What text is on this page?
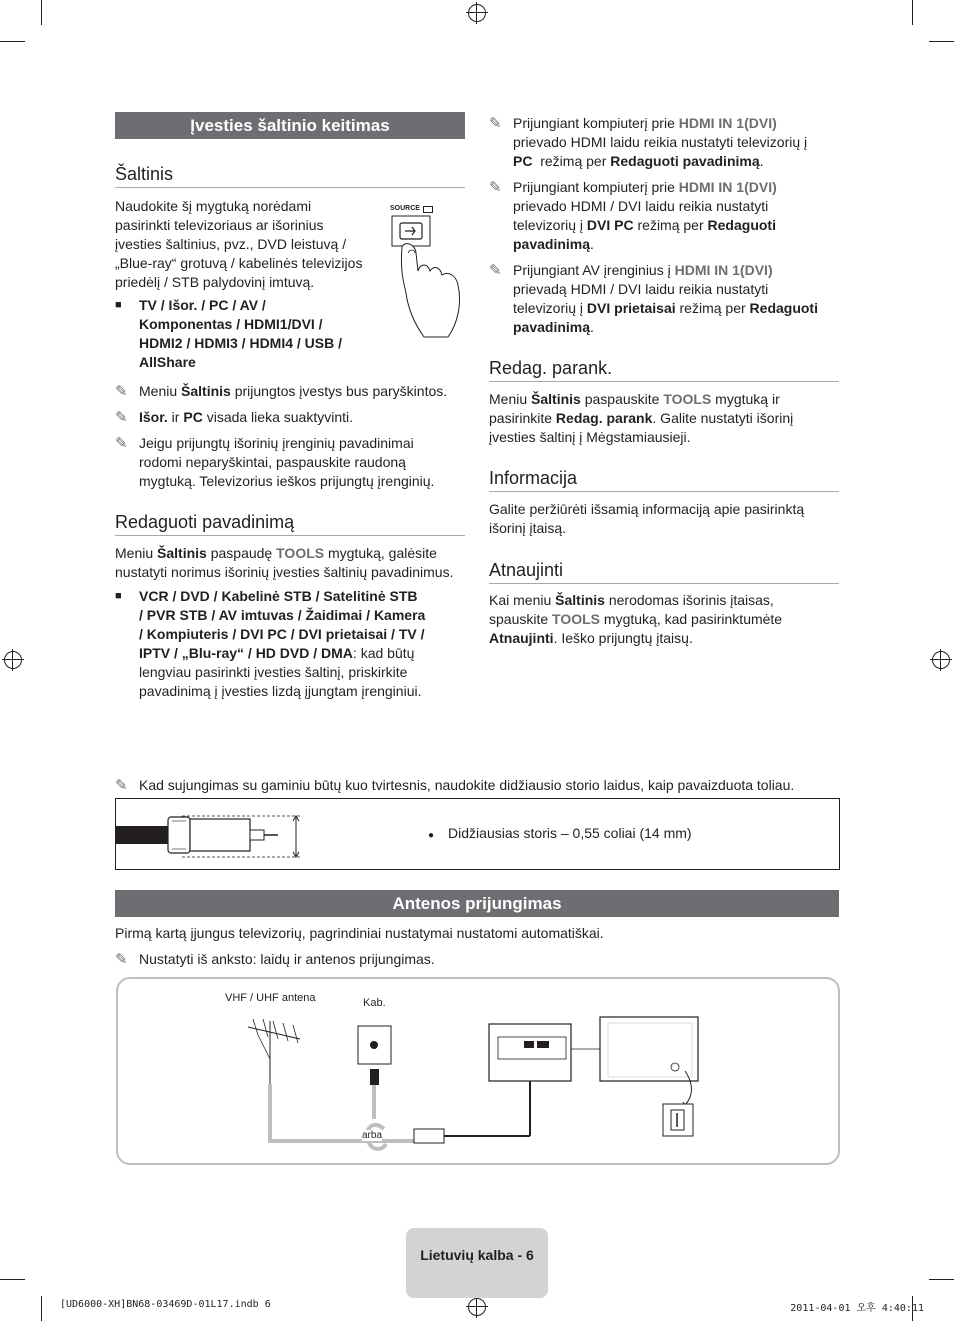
Įvesties šaltinio keitimas
Šaltinis
Naudokite šį mygtuką norėdami
pasirinkti televizoriaus ar išorinius
įvesties šaltinius, pvz., DVD leistuvą /
„Blue-ray“ grotuvą / kabelinės televizijos
priedėlį / STB palydovinį imtuvą.
SOURCE
■ TV / Išor. / PC / AV /
Komponentas / HDMI1/DVI /
HDMI2 / HDMI3 / HDMI4 / USB /
AllShare
✎ Meniu Šaltinis prijungtos įvestys bus paryškintos.
✎ Išor. ir PC visada lieka suaktyvinti.
✎ Jeigu prijungtų išorinių įrenginių pavadinimai
rodomi neparyškintai, paspauskite raudoną
mygtuką. Televizorius ieškos prijungtų įrenginių.
Redaguoti pavadinimą
Meniu Šaltinis paspaudę TOOLS mygtuką, galėsite
nustatyti norimus išorinių įvesties šaltinių pavadinimus.
■ VCR / DVD / Kabelinė STB / Satelitinė STB
/ PVR STB / AV imtuvas / Žaidimai / Kamera
/ Kompiuteris / DVI PC / DVI prietaisai / TV /
IPTV / „Blu-ray“ / HD DVD / DMA: kad būtų
lengviau pasirinkti įvesties šaltinį, priskirkite
pavadinimą į įvesties lizdą įjungtam įrenginiui.
✎ Prijungiant kompiuterį prie HDMI IN 1(DVI)
prievado HDMI laidu reikia nustatyti televizorių į
PC  režimą per Redaguoti pavadinimą.
✎ Prijungiant kompiuterį prie HDMI IN 1(DVI)
prievado HDMI / DVI laidu reikia nustatyti
televizorių į DVI PC režimą per Redaguoti
pavadinimą.
✎ Prijungiant AV įrenginius į HDMI IN 1(DVI)
prievadą HDMI / DVI laidu reikia nustatyti
televizorių į DVI prietaisai režimą per Redaguoti
pavadinimą.
Redag. parank.
Meniu Šaltinis paspauskite TOOLS mygtuką ir
pasirinkite Redag. parank. Galite nustatyti išorinį
įvesties šaltinį į Mėgstamiausieji.
Informacija
Galite peržiūrėti išsamią informaciją apie pasirinktą
išorinį įtaisą.
Atnaujinti
Kai meniu Šaltinis nerodomas išorinis įtaisas,
spauskite TOOLS mygtuką, kad pasirinktumėte
Atnaujinti. Ieško prijungtų įtaisų.
✎ Kad sujungimas su gaminiu būtų kuo tvirtesnis, naudokite didžiausio storio laidus, kaip pavaizduota toliau.
● Didžiausias storis – 0,55 coliai (14 mm)
Antenos prijungimas
Pirmą kartą įjungus televizorių, pagrindiniai nustatymai nustatomi automatiškai.
✎ Nustatyti iš anksto: laidų ir antenos prijungimas.
VHF / UHF antena	Kab.
arba
Lietuvių kalba - 6
[UD6000-XH]BN68-03469D-01L17.indb 6	2011-04-01 오후 4:40:11
